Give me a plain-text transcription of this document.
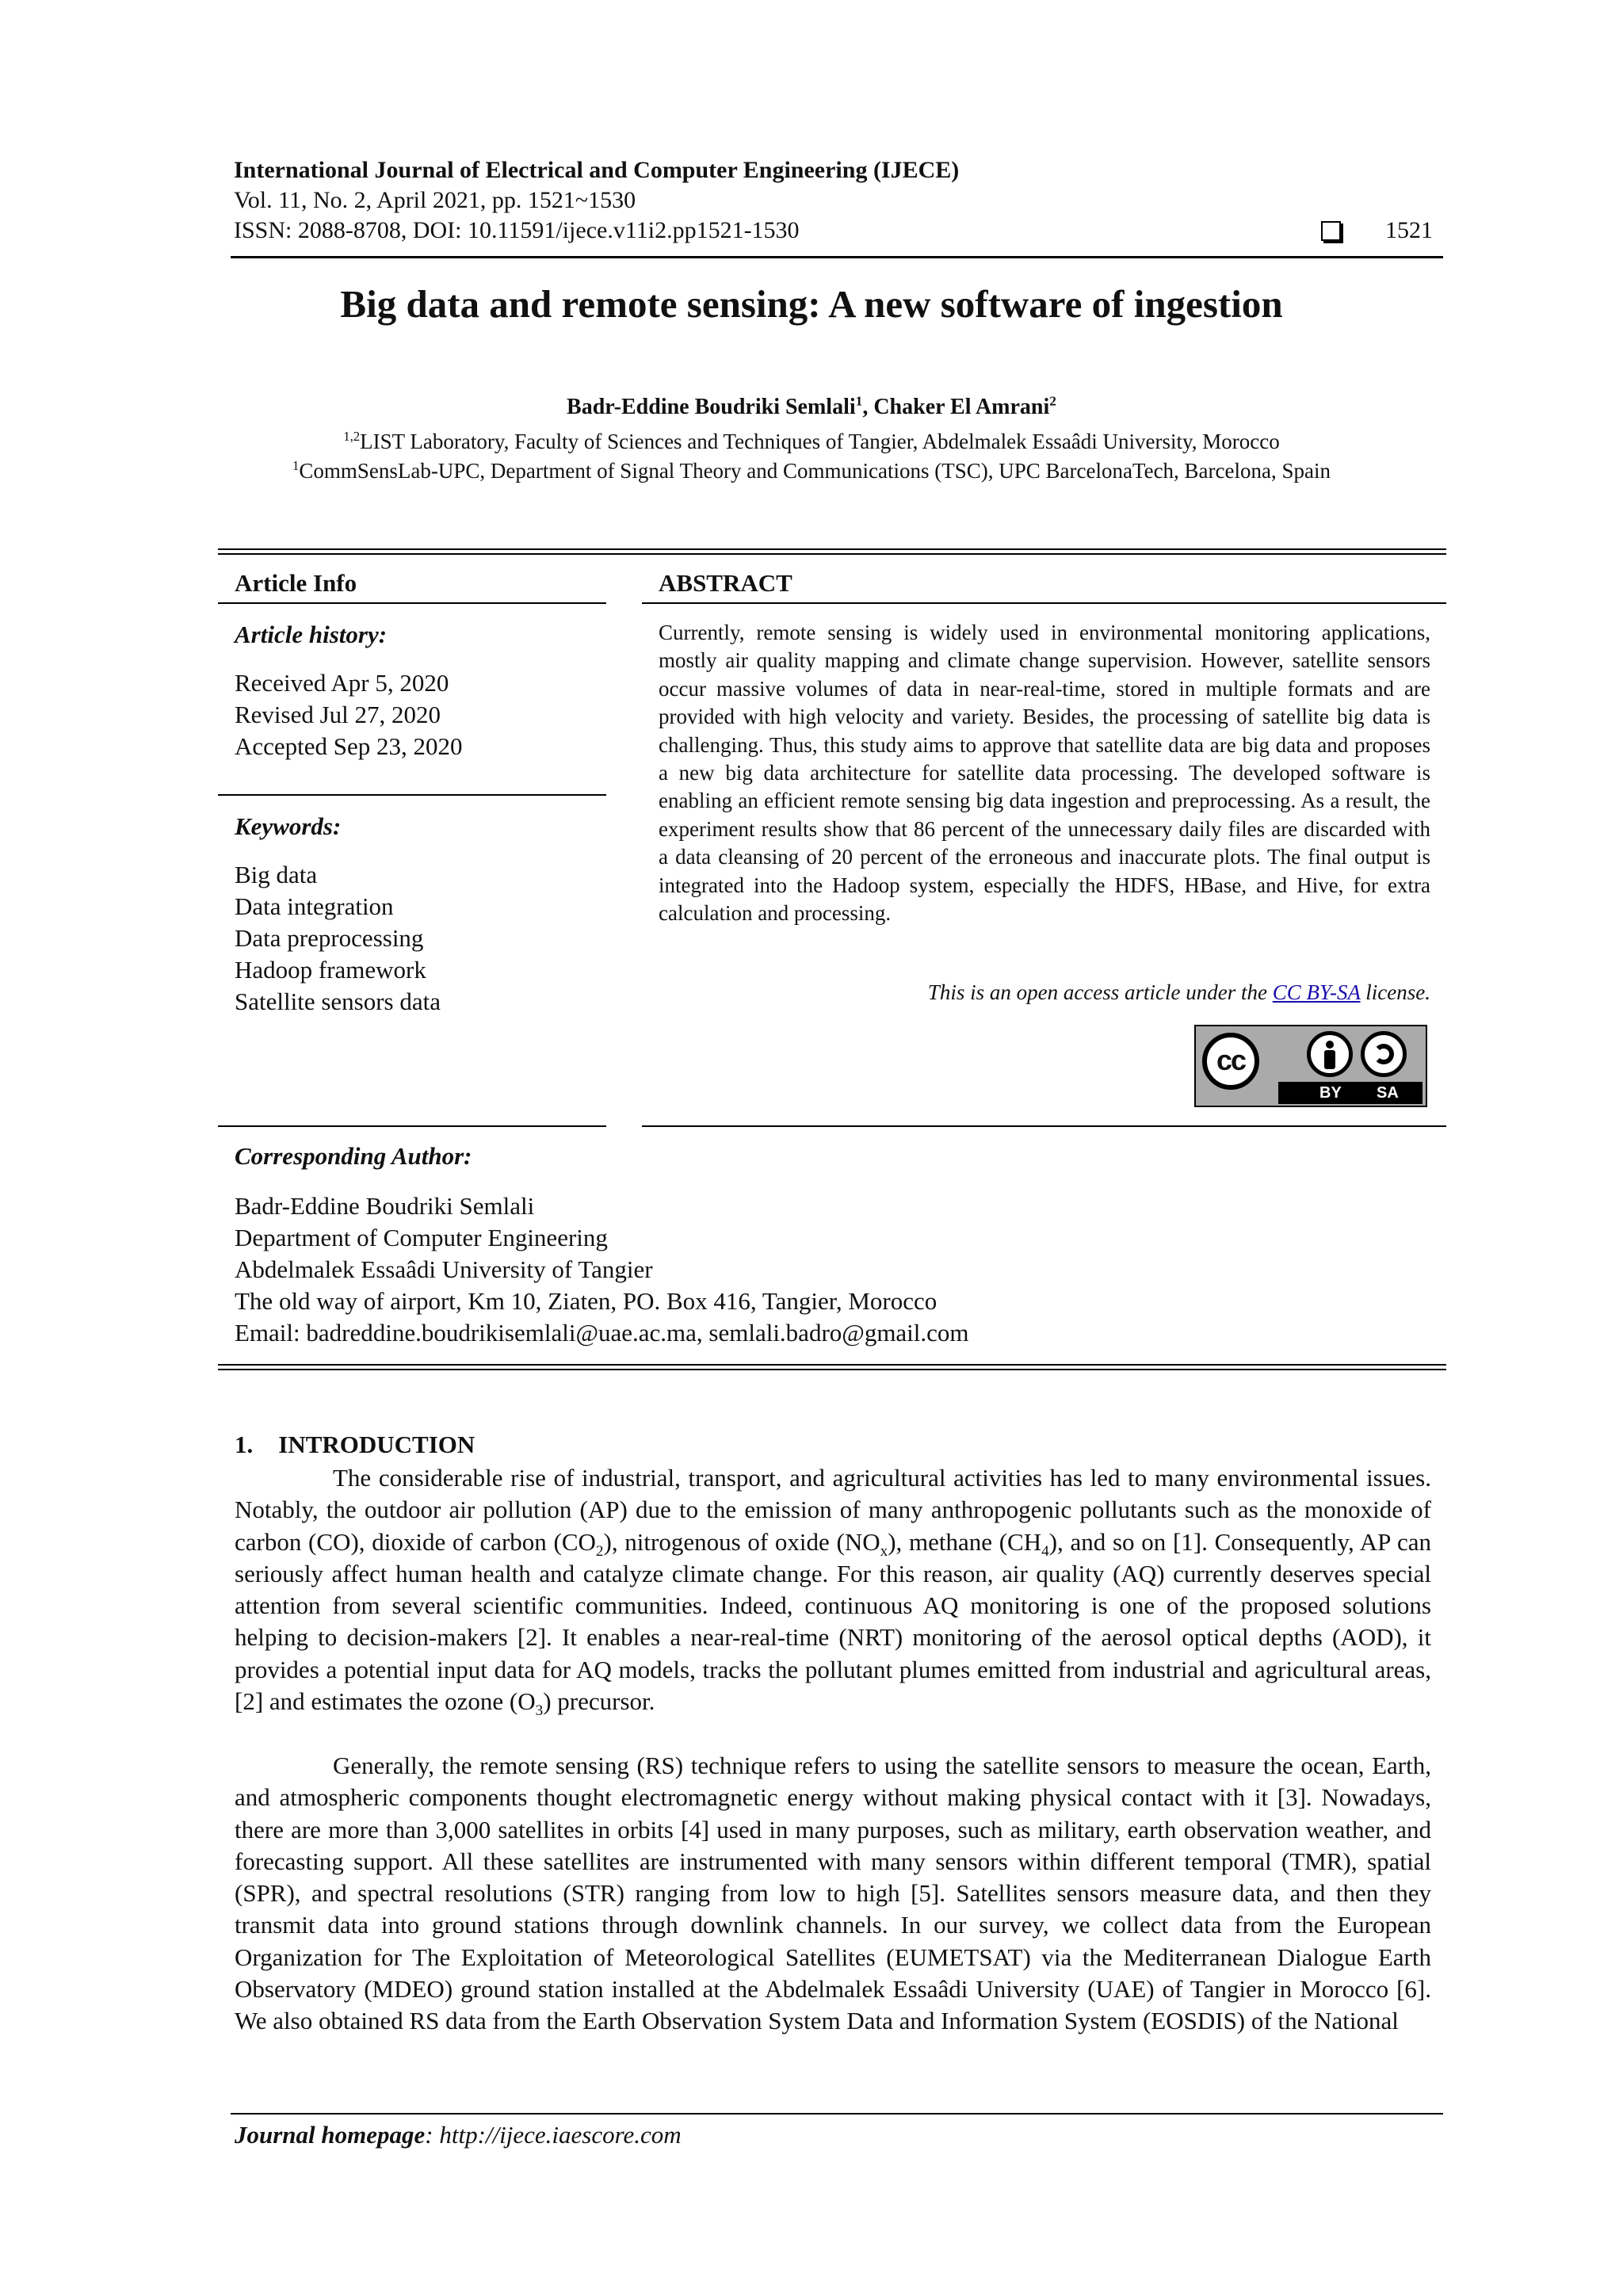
International Journal of Electrical and Computer Engineering (IJECE)
Vol. 11, No. 2, April 2021, pp. 1521~1530
ISSN: 2088-8708, DOI: 10.11591/ijece.v11i2.pp1521-1530	1521
Big data and remote sensing: A new software of ingestion
Badr-Eddine Boudriki Semlali$^1$, Chaker El Amrani$^2$
$^{1,2}$LIST Laboratory, Faculty of Sciences and Techniques of Tangier, Abdelmalek Essaâdi University, Morocco
$^1$CommSensLab-UPC, Department of Signal Theory and Communications (TSC), UPC BarcelonaTech, Barcelona, Spain
Article Info
Article history:
Received Apr 5, 2020
Revised Jul 27, 2020
Accepted Sep 23, 2020
Keywords:
Big data
Data integration
Data preprocessing
Hadoop framework
Satellite sensors data
ABSTRACT
Currently, remote sensing is widely used in environmental monitoring applications, mostly air quality mapping and climate change supervision. However, satellite sensors occur massive volumes of data in near-real-time, stored in multiple formats and are provided with high velocity and variety. Besides, the processing of satellite big data is challenging. Thus, this study aims to approve that satellite data are big data and proposes a new big data architecture for satellite data processing. The developed software is enabling an efficient remote sensing big data ingestion and preprocessing. As a result, the experiment results show that 86 percent of the unnecessary daily files are discarded with a data cleansing of 20 percent of the erroneous and inaccurate plots. The final output is integrated into the Hadoop system, especially the HDFS, HBase, and Hive, for extra calculation and processing.
This is an open access article under the CC BY-SA license.
cc
BY SA
Corresponding Author:
Badr-Eddine Boudriki Semlali
Department of Computer Engineering
Abdelmalek Essaâdi University of Tangier
The old way of airport, Km 10, Ziaten, PO. Box 416, Tangier, Morocco
Email: badreddine.boudrikisemlali@uae.ac.ma, semlali.badro@gmail.com
1. INTRODUCTION
The considerable rise of industrial, transport, and agricultural activities has led to many environmental issues. Notably, the outdoor air pollution (AP) due to the emission of many anthropogenic pollutants such as the monoxide of carbon (CO), dioxide of carbon $(CO_2)$, nitrogenous of oxide $(NO_x)$, methane $(CH_4)$, and so on [1]. Consequently, AP can seriously affect human health and catalyze climate change. For this reason, air quality (AQ) currently deserves special attention from several scientific communities. Indeed, continuous AQ monitoring is one of the proposed solutions helping to decision-makers [2]. It enables a near-real-time (NRT) monitoring of the aerosol optical depths (AOD), it provides a potential input data for AQ models, tracks the pollutant plumes emitted from industrial and agricultural areas, [2] and estimates the ozone $(O_3)$ precursor.
Generally, the remote sensing (RS) technique refers to using the satellite sensors to measure the ocean, Earth, and atmospheric components thought electromagnetic energy without making physical contact with it [3]. Nowadays, there are more than 3,000 satellites in orbits [4] used in many purposes, such as military, earth observation weather, and forecasting support. All these satellites are instrumented with many sensors within different temporal (TMR), spatial (SPR), and spectral resolutions (STR) ranging from low to high [5]. Satellites sensors measure data, and then they transmit data into ground stations through downlink channels. In our survey, we collect data from the European Organization for The Exploitation of Meteorological Satellites (EUMETSAT) via the Mediterranean Dialogue Earth Observatory (MDEO) ground station installed at the Abdelmalek Essaâdi University (UAE) of Tangier in Morocco [6]. We also obtained RS data from the Earth Observation System Data and Information System (EOSDIS) of the National
Journal homepage: http://ijece.iaescore.com
